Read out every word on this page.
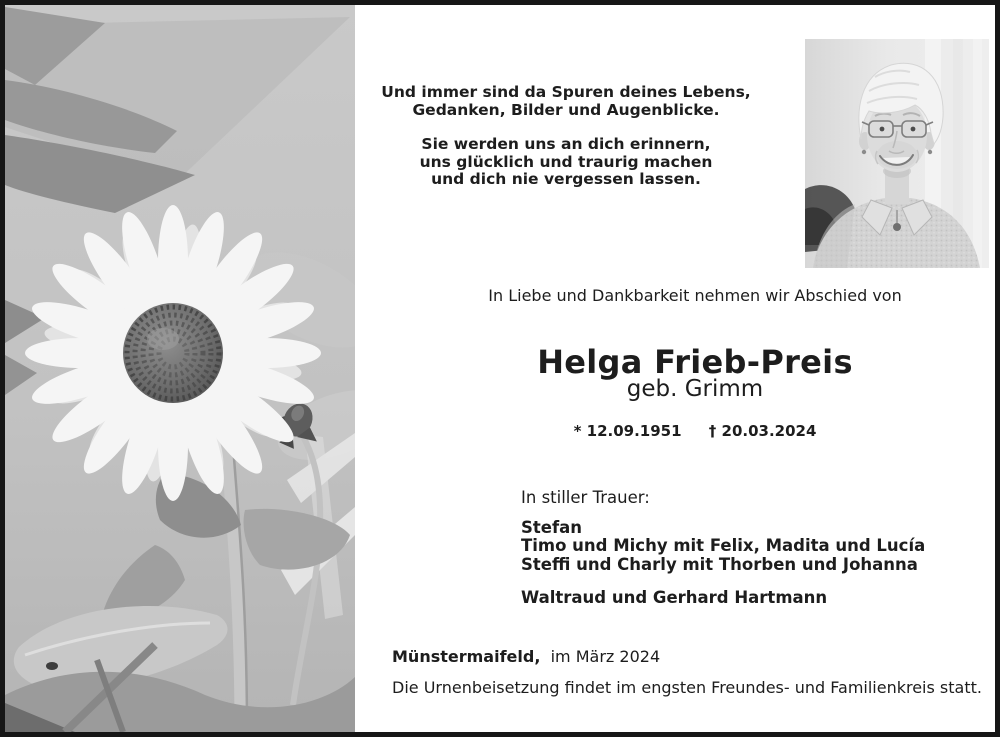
Und immer sind da Spuren deines Lebens,
Gedanken, Bilder und Augenblicke.
Sie werden uns an dich erinnern,
uns glücklich und traurig machen
und dich nie vergessen lassen.
In Liebe und Dankbarkeit nehmen wir Abschied von
Helga Frieb-Preis
geb. Grimm
* 12.09.1951 † 20.03.2024
In stiller Trauer:
Stefan
Timo und Michy mit Felix, Madita und Lucía
Steffi und Charly mit Thorben und Johanna
Waltraud und Gerhard Hartmann
Münstermaifeld, im März 2024
Die Urnenbeisetzung findet im engsten Freundes- und Familienkreis statt.
